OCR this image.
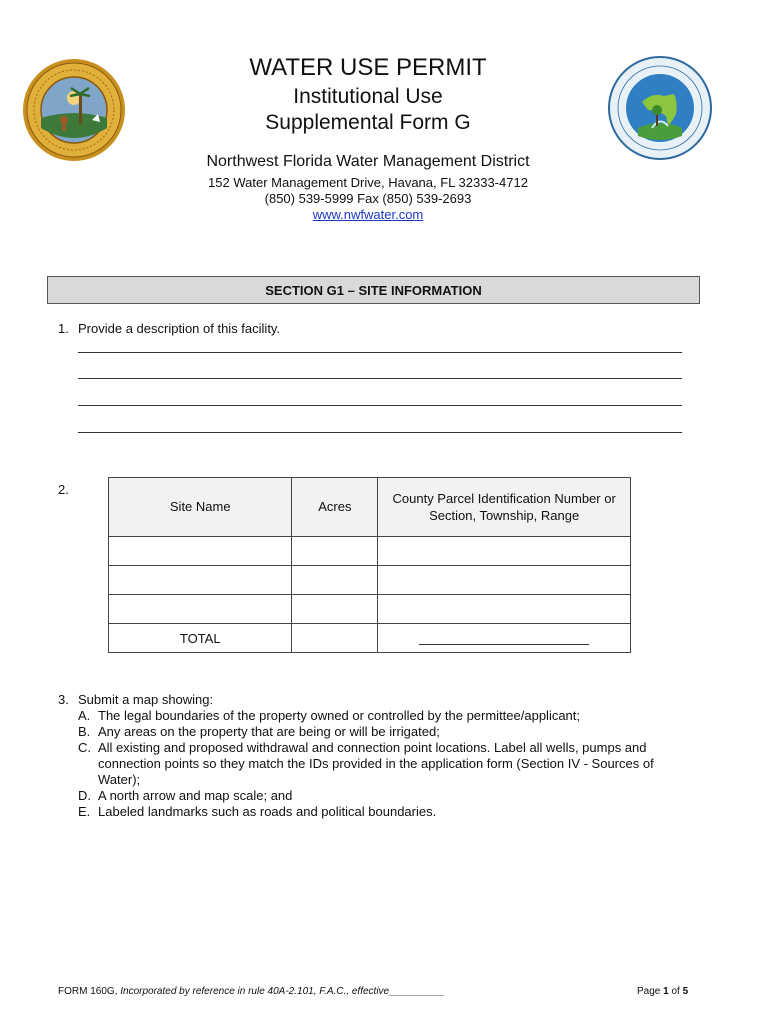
WATER USE PERMIT
Institutional Use
Supplemental Form G
Northwest Florida Water Management District
152 Water Management Drive, Havana, FL 32333-4712
(850) 539-5999 Fax (850) 539-2693
www.nwfwater.com
SECTION G1 – SITE INFORMATION
1. Provide a description of this facility.
2.
Site Name	Acres	County Parcel Identification Number or Section, Township, Range

TOTAL		
3. Submit a map showing:
A. The legal boundaries of the property owned or controlled by the permittee/applicant;
B. Any areas on the property that are being or will be irrigated;
C. All existing and proposed withdrawal and connection point locations. Label all wells, pumps and connection points so they match the IDs provided in the application form (Section IV - Sources of Water);
D. A north arrow and map scale; and
E. Labeled landmarks such as roads and political boundaries.
FORM 160G, Incorporated by reference in rule 40A-2.101, F.A.C., effective__________	Page 1 of 5
